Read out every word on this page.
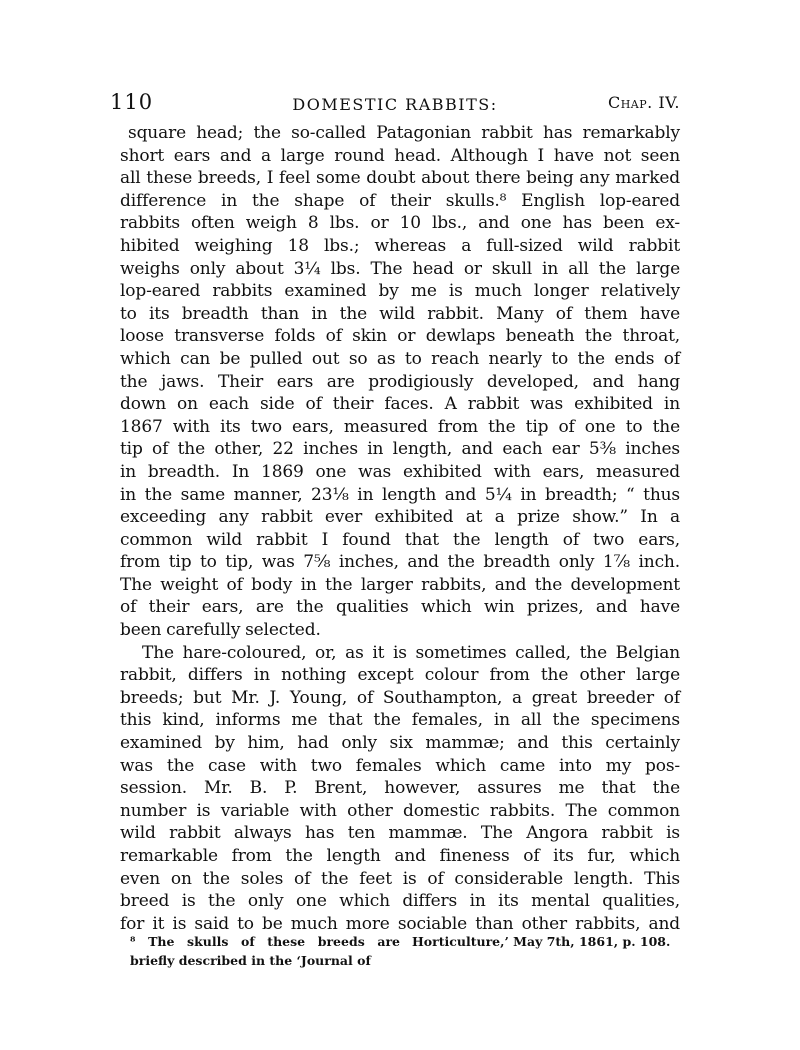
110	DOMESTIC RABBITS:	Chap. IV.
square head; the so-called Patagonian rabbit has remarkably
short ears and a large round head. Although I have not seen
all these breeds, I feel some doubt about there being any marked
difference in the shape of their skulls.⁸ English lop-eared
rabbits often weigh 8 lbs. or 10 lbs., and one has been ex-
hibited weighing 18 lbs.; whereas a full-sized wild rabbit
weighs only about 3¼ lbs. The head or skull in all the large
lop-eared rabbits examined by me is much longer relatively
to its breadth than in the wild rabbit. Many of them have
loose transverse folds of skin or dewlaps beneath the throat,
which can be pulled out so as to reach nearly to the ends of
the jaws. Their ears are prodigiously developed, and hang
down on each side of their faces. A rabbit was exhibited in
1867 with its two ears, measured from the tip of one to the
tip of the other, 22 inches in length, and each ear 5⅜ inches
in breadth. In 1869 one was exhibited with ears, measured
in the same manner, 23⅛ in length and 5¼ in breadth; “ thus
exceeding any rabbit ever exhibited at a prize show.” In a
common wild rabbit I found that the length of two ears,
from tip to tip, was 7⅝ inches, and the breadth only 1⅞ inch.
The weight of body in the larger rabbits, and the development
of their ears, are the qualities which win prizes, and have
been carefully selected.
The hare-coloured, or, as it is sometimes called, the Belgian
rabbit, differs in nothing except colour from the other large
breeds; but Mr. J. Young, of Southampton, a great breeder of
this kind, informs me that the females, in all the specimens
examined by him, had only six mammæ; and this certainly
was the case with two females which came into my pos-
session. Mr. B. P. Brent, however, assures me that the
number is variable with other domestic rabbits. The common
wild rabbit always has ten mammæ. The Angora rabbit is
remarkable from the length and fineness of its fur, which
even on the soles of the feet is of considerable length. This
breed is the only one which differs in its mental qualities,
for it is said to be much more sociable than other rabbits, and
⁸ The skulls of these breeds are
briefly described in the ‘Journal of
Horticulture,’ May 7th, 1861, p. 108.
